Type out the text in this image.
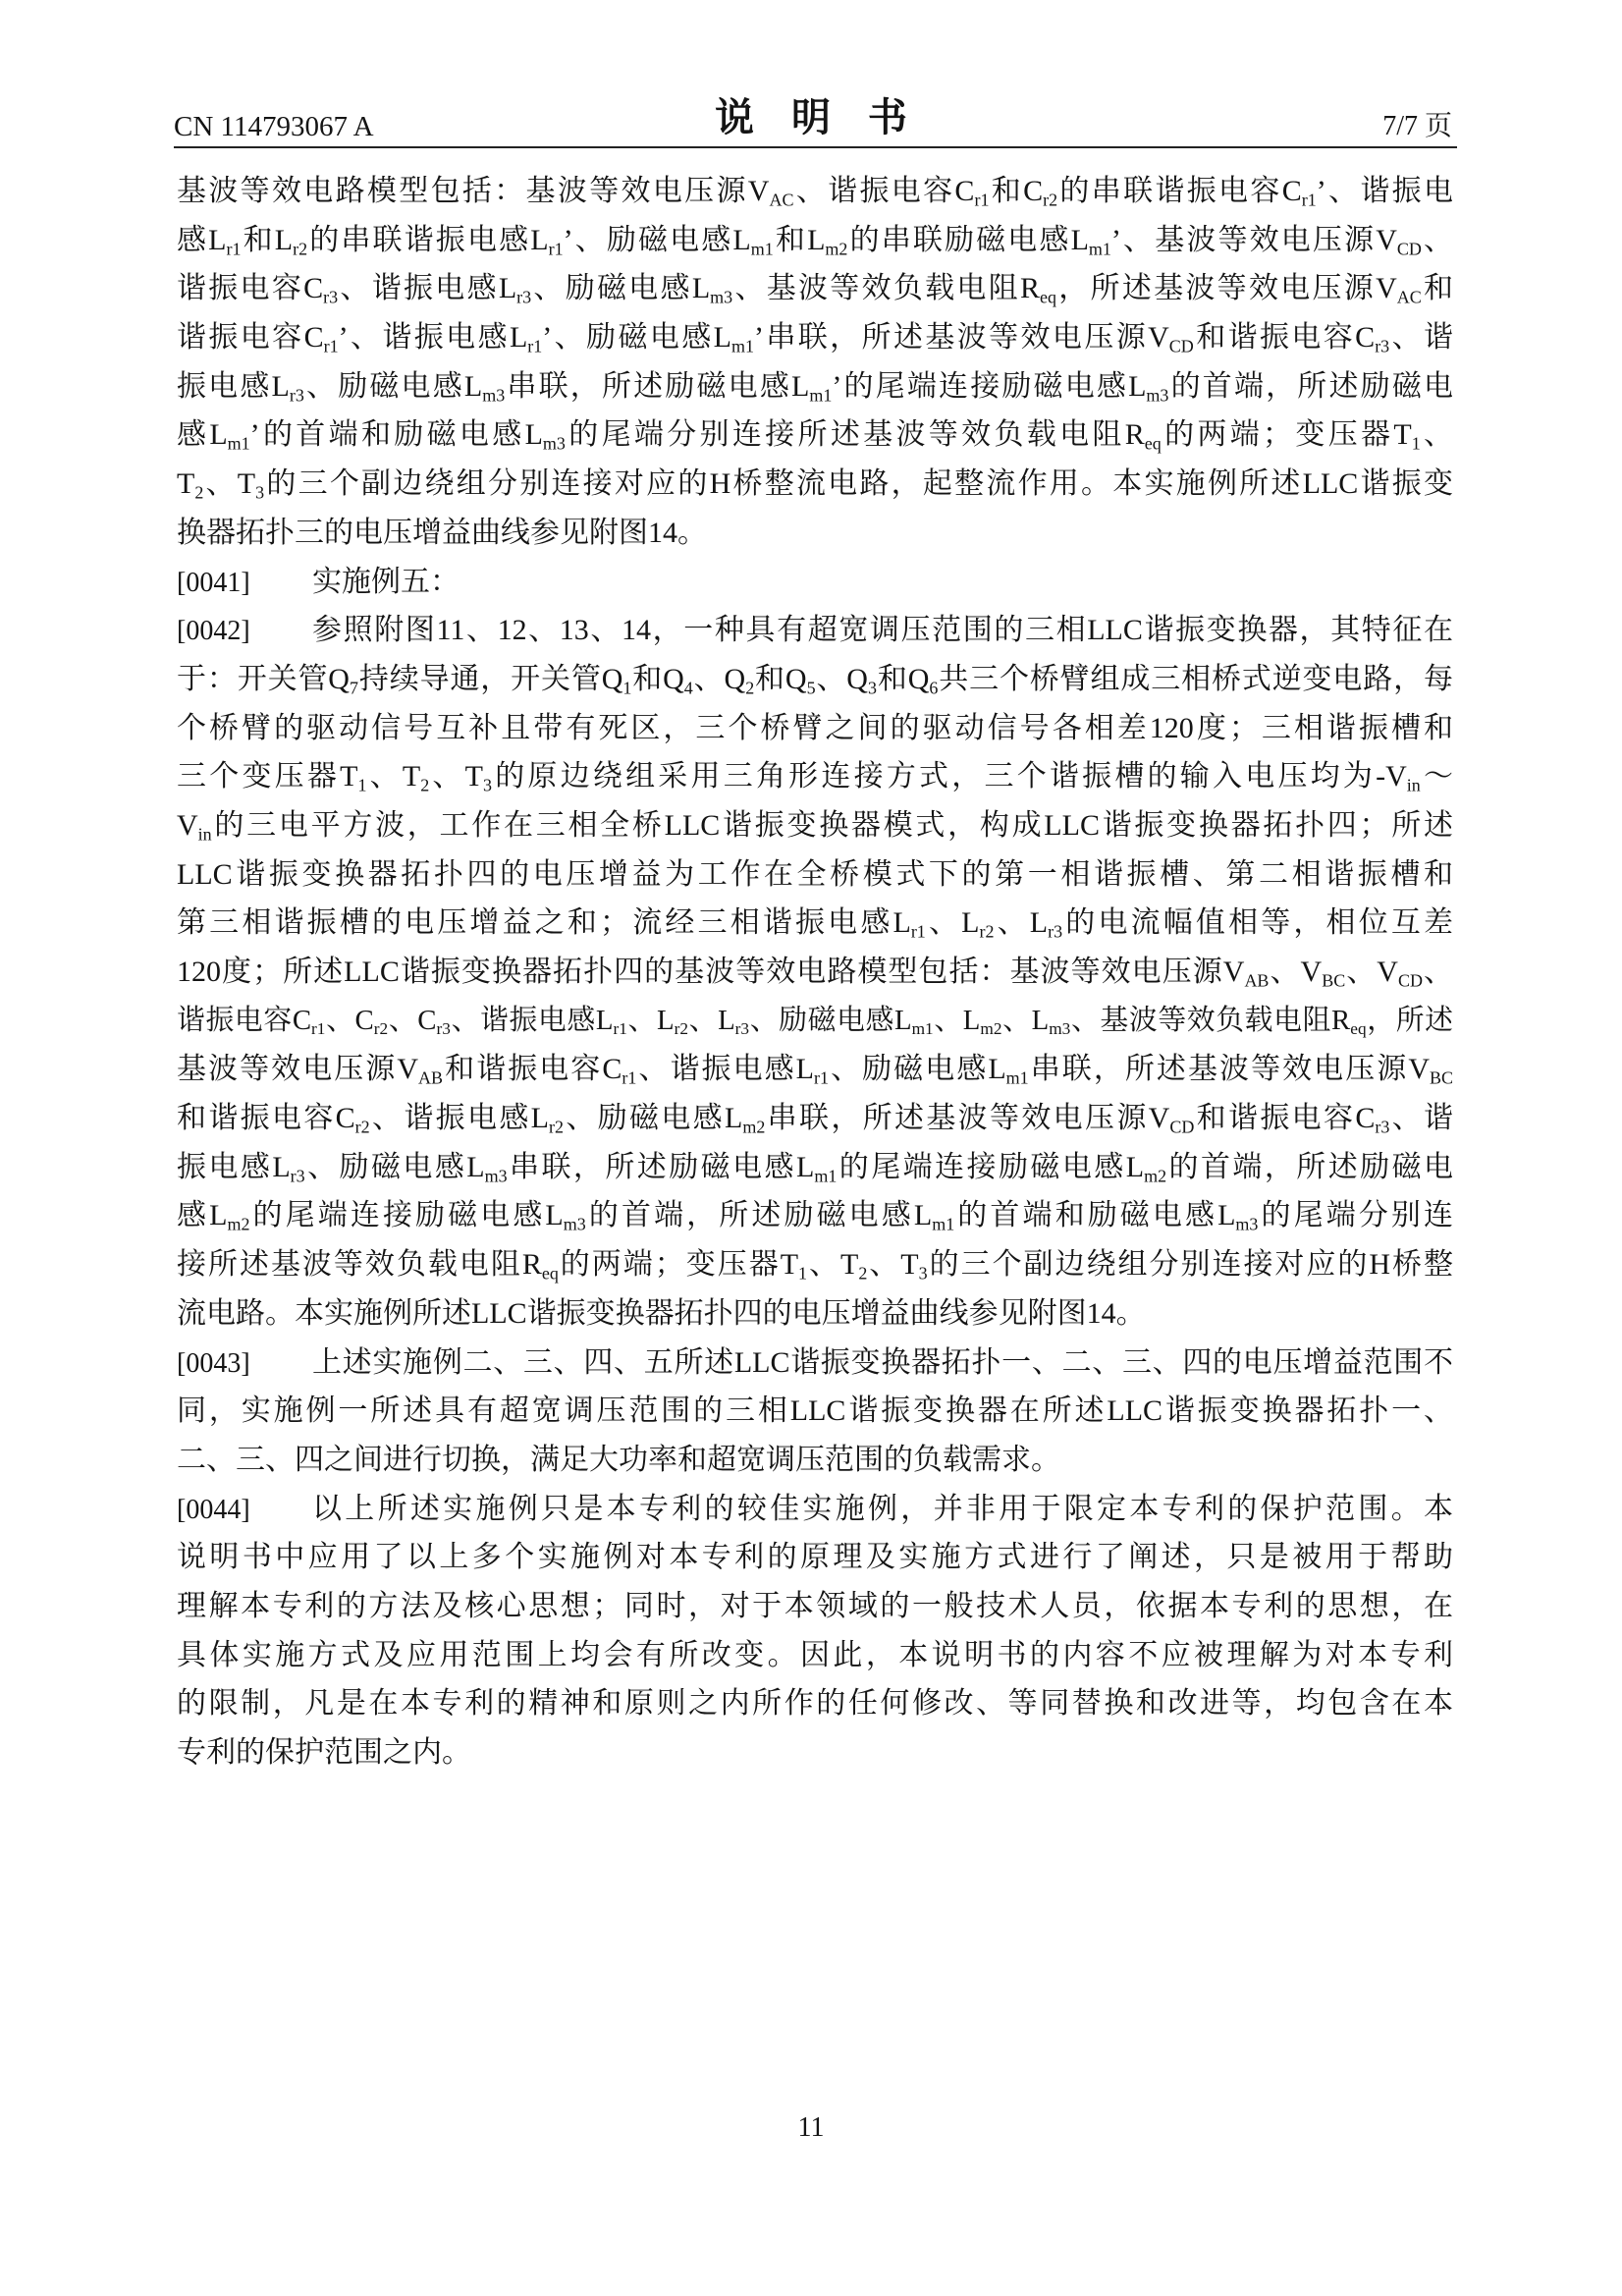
CN 114793067 A	说 明 书	7/7 页
基波等效电路模型包括：基波等效电压源$V_{AC}$、谐振电容$C_{r1}$和$C_{r2}$的串联谐振电容$C_{r1}$’、谐振电
感$L_{r1}$和$L_{r2}$的串联谐振电感$L_{r1}$’、励磁电感$L_{m1}$和$L_{m2}$的串联励磁电感$L_{m1}$’、基波等效电压源$V_{CD}$、
谐振电容$C_{r3}$、谐振电感$L_{r3}$、励磁电感$L_{m3}$、基波等效负载电阻$R_{eq}$，所述基波等效电压源$V_{AC}$和
谐振电容$C_{r1}$’、谐振电感$L_{r1}$’、励磁电感$L_{m1}$’串联，所述基波等效电压源$V_{CD}$和谐振电容$C_{r3}$、谐
振电感$L_{r3}$、励磁电感$L_{m3}$串联，所述励磁电感$L_{m1}$’的尾端连接励磁电感$L_{m3}$的首端，所述励磁电
感$L_{m1}$’的首端和励磁电感$L_{m3}$的尾端分别连接所述基波等效负载电阻$R_{eq}$的两端；变压器$T_1$、
$T_2$、$T_3$的三个副边绕组分别连接对应的H桥整流电路，起整流作用。本实施例所述LLC谐振变
换器拓扑三的电压增益曲线参见附图14。
[0041]	实施例五：
[0042]	参照附图11、12、13、14，一种具有超宽调压范围的三相LLC谐振变换器，其特征在
于：开关管$Q_7$持续导通，开关管$Q_1$和$Q_4$、$Q_2$和$Q_5$、$Q_3$和$Q_6$共三个桥臂组成三相桥式逆变电路，每
个桥臂的驱动信号互补且带有死区，三个桥臂之间的驱动信号各相差120度；三相谐振槽和
三个变压器$T_1$、$T_2$、$T_3$的原边绕组采用三角形连接方式，三个谐振槽的输入电压均为$-V_{in}\sim$
$V_{in}$的三电平方波，工作在三相全桥LLC谐振变换器模式，构成LLC谐振变换器拓扑四；所述
LLC谐振变换器拓扑四的电压增益为工作在全桥模式下的第一相谐振槽、第二相谐振槽和
第三相谐振槽的电压增益之和；流经三相谐振电感$L_{r1}$、$L_{r2}$、$L_{r3}$的电流幅值相等，相位互差
120度；所述LLC谐振变换器拓扑四的基波等效电路模型包括：基波等效电压源$V_{AB}$、$V_{BC}$、$V_{CD}$、
谐振电容$C_{r1}$、$C_{r2}$、$C_{r3}$、谐振电感$L_{r1}$、$L_{r2}$、$L_{r3}$、励磁电感$L_{m1}$、$L_{m2}$、$L_{m3}$、基波等效负载电阻$R_{eq}$，所述
基波等效电压源$V_{AB}$和谐振电容$C_{r1}$、谐振电感$L_{r1}$、励磁电感$L_{m1}$串联，所述基波等效电压源$V_{BC}$
和谐振电容$C_{r2}$、谐振电感$L_{r2}$、励磁电感$L_{m2}$串联，所述基波等效电压源$V_{CD}$和谐振电容$C_{r3}$、谐
振电感$L_{r3}$、励磁电感$L_{m3}$串联，所述励磁电感$L_{m1}$的尾端连接励磁电感$L_{m2}$的首端，所述励磁电
感$L_{m2}$的尾端连接励磁电感$L_{m3}$的首端，所述励磁电感$L_{m1}$的首端和励磁电感$L_{m3}$的尾端分别连
接所述基波等效负载电阻$R_{eq}$的两端；变压器$T_1$、$T_2$、$T_3$的三个副边绕组分别连接对应的H桥整
流电路。本实施例所述LLC谐振变换器拓扑四的电压增益曲线参见附图14。
[0043]	上述实施例二、三、四、五所述LLC谐振变换器拓扑一、二、三、四的电压增益范围不
同，实施例一所述具有超宽调压范围的三相LLC谐振变换器在所述LLC谐振变换器拓扑一、
二、三、四之间进行切换，满足大功率和超宽调压范围的负载需求。
[0044]	以上所述实施例只是本专利的较佳实施例，并非用于限定本专利的保护范围。本
说明书中应用了以上多个实施例对本专利的原理及实施方式进行了阐述，只是被用于帮助
理解本专利的方法及核心思想；同时，对于本领域的一般技术人员，依据本专利的思想，在
具体实施方式及应用范围上均会有所改变。因此，本说明书的内容不应被理解为对本专利
的限制，凡是在本专利的精神和原则之内所作的任何修改、等同替换和改进等，均包含在本
专利的保护范围之内。
11
